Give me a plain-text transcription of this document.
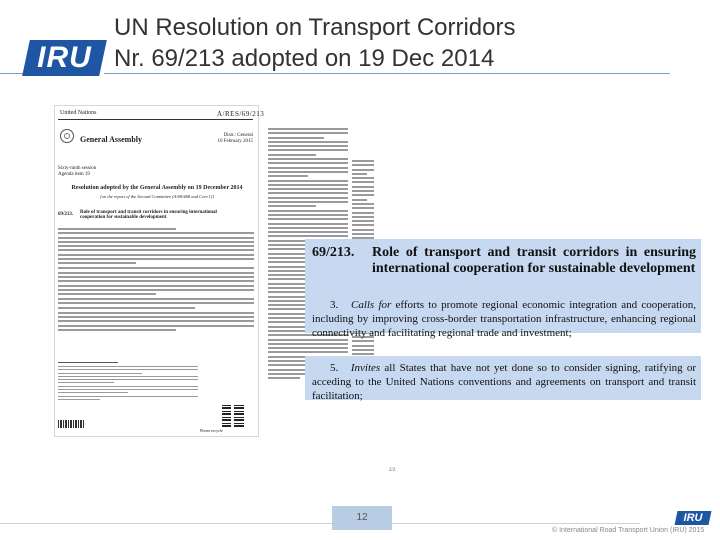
IRU
UN Resolution on Transport Corridors
Nr. 69/213 adopted on 19 Dec 2014
United Nations	A/RES/69/213
General Assembly	Distr.: General
10 February 2015
Sixty-ninth session
Agenda item 19
Resolution adopted by the General Assembly on 19 December 2014
[on the report of the Second Committee (A/69/468 and Corr.1)]
69/213. Role of transport and transit corridors in ensuring international cooperation for sustainable development
Please recycle
2/2
69/213. Role of transport and transit corridors in ensuring international cooperation for sustainable development
3. Calls for efforts to promote regional economic integration and cooperation, including by improving cross-border transportation infrastructure, enhancing regional connectivity and facilitating regional trade and investment;
5. Invites all States that have not yet done so to consider signing, ratifying or acceding to the United Nations conventions and agreements on transport and transit facilitation;
12	IRU
© International Road Transport Union (IRU) 2015
